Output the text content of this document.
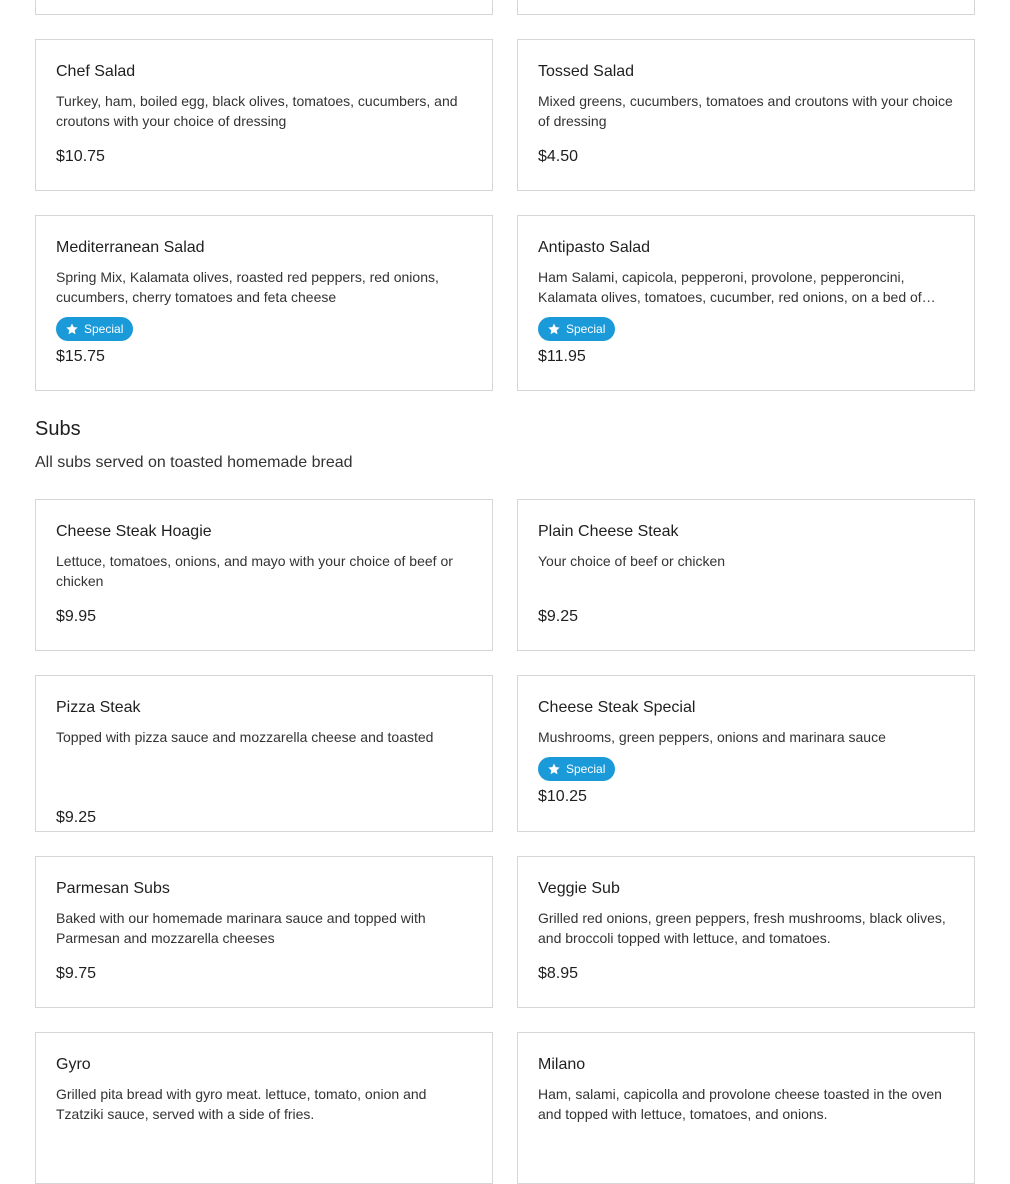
Chef Salad
Turkey, ham, boiled egg, black olives, tomatoes, cucumbers, and croutons with your choice of dressing
$10.75
Tossed Salad
Mixed greens, cucumbers, tomatoes and croutons with your choice of dressing
$4.50
Mediterranean Salad
Spring Mix, Kalamata olives, roasted red peppers, red onions, cucumbers, cherry tomatoes and feta cheese
Special
$15.75
Antipasto Salad
Ham Salami, capicola, pepperoni, provolone, pepperoncini, Kalamata olives, tomatoes, cucumber, red onions, on a bed of…
Special
$11.95
Subs
All subs served on toasted homemade bread
Cheese Steak Hoagie
Lettuce, tomatoes, onions, and mayo with your choice of beef or chicken
$9.95
Plain Cheese Steak
Your choice of beef or chicken
$9.25
Pizza Steak
Topped with pizza sauce and mozzarella cheese and toasted
$9.25
Cheese Steak Special
Mushrooms, green peppers, onions and marinara sauce
Special
$10.25
Parmesan Subs
Baked with our homemade marinara sauce and topped with Parmesan and mozzarella cheeses
$9.75
Veggie Sub
Grilled red onions, green peppers, fresh mushrooms, black olives, and broccoli topped with lettuce, and tomatoes.
$8.95
Gyro
Grilled pita bread with gyro meat. lettuce, tomato, onion and Tzatziki sauce, served with a side of fries.
Milano
Ham, salami, capicolla and provolone cheese toasted in the oven and topped with lettuce, tomatoes, and onions.
